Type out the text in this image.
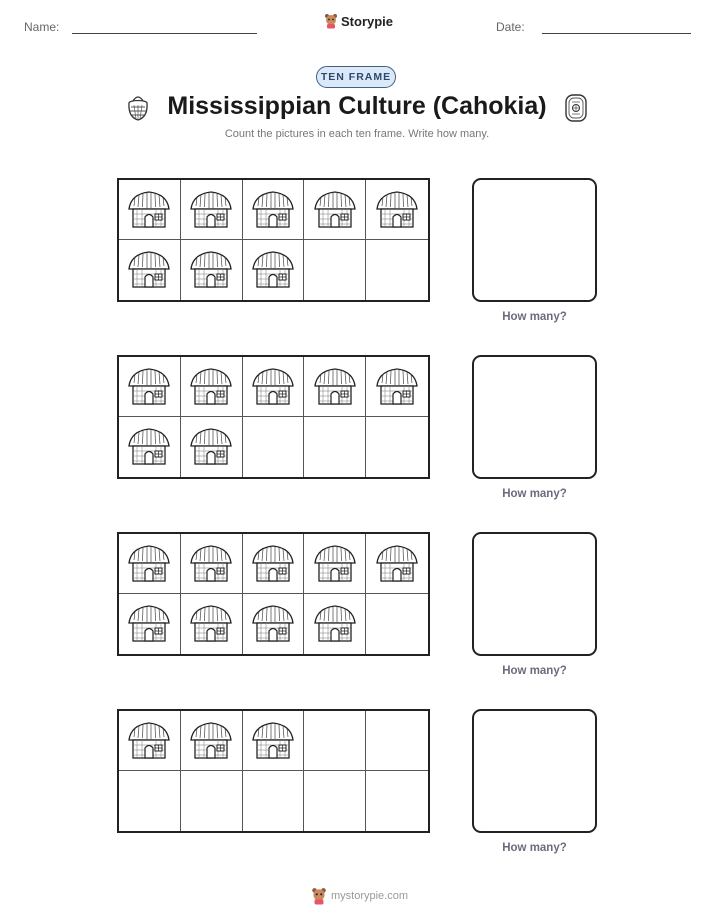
Name:	Storypie	Date:
TEN FRAME
Mississippian Culture (Cahokia)
Count the pictures in each ten frame. Write how many.
How many?
How many?
How many?
How many?
mystorypie.com
